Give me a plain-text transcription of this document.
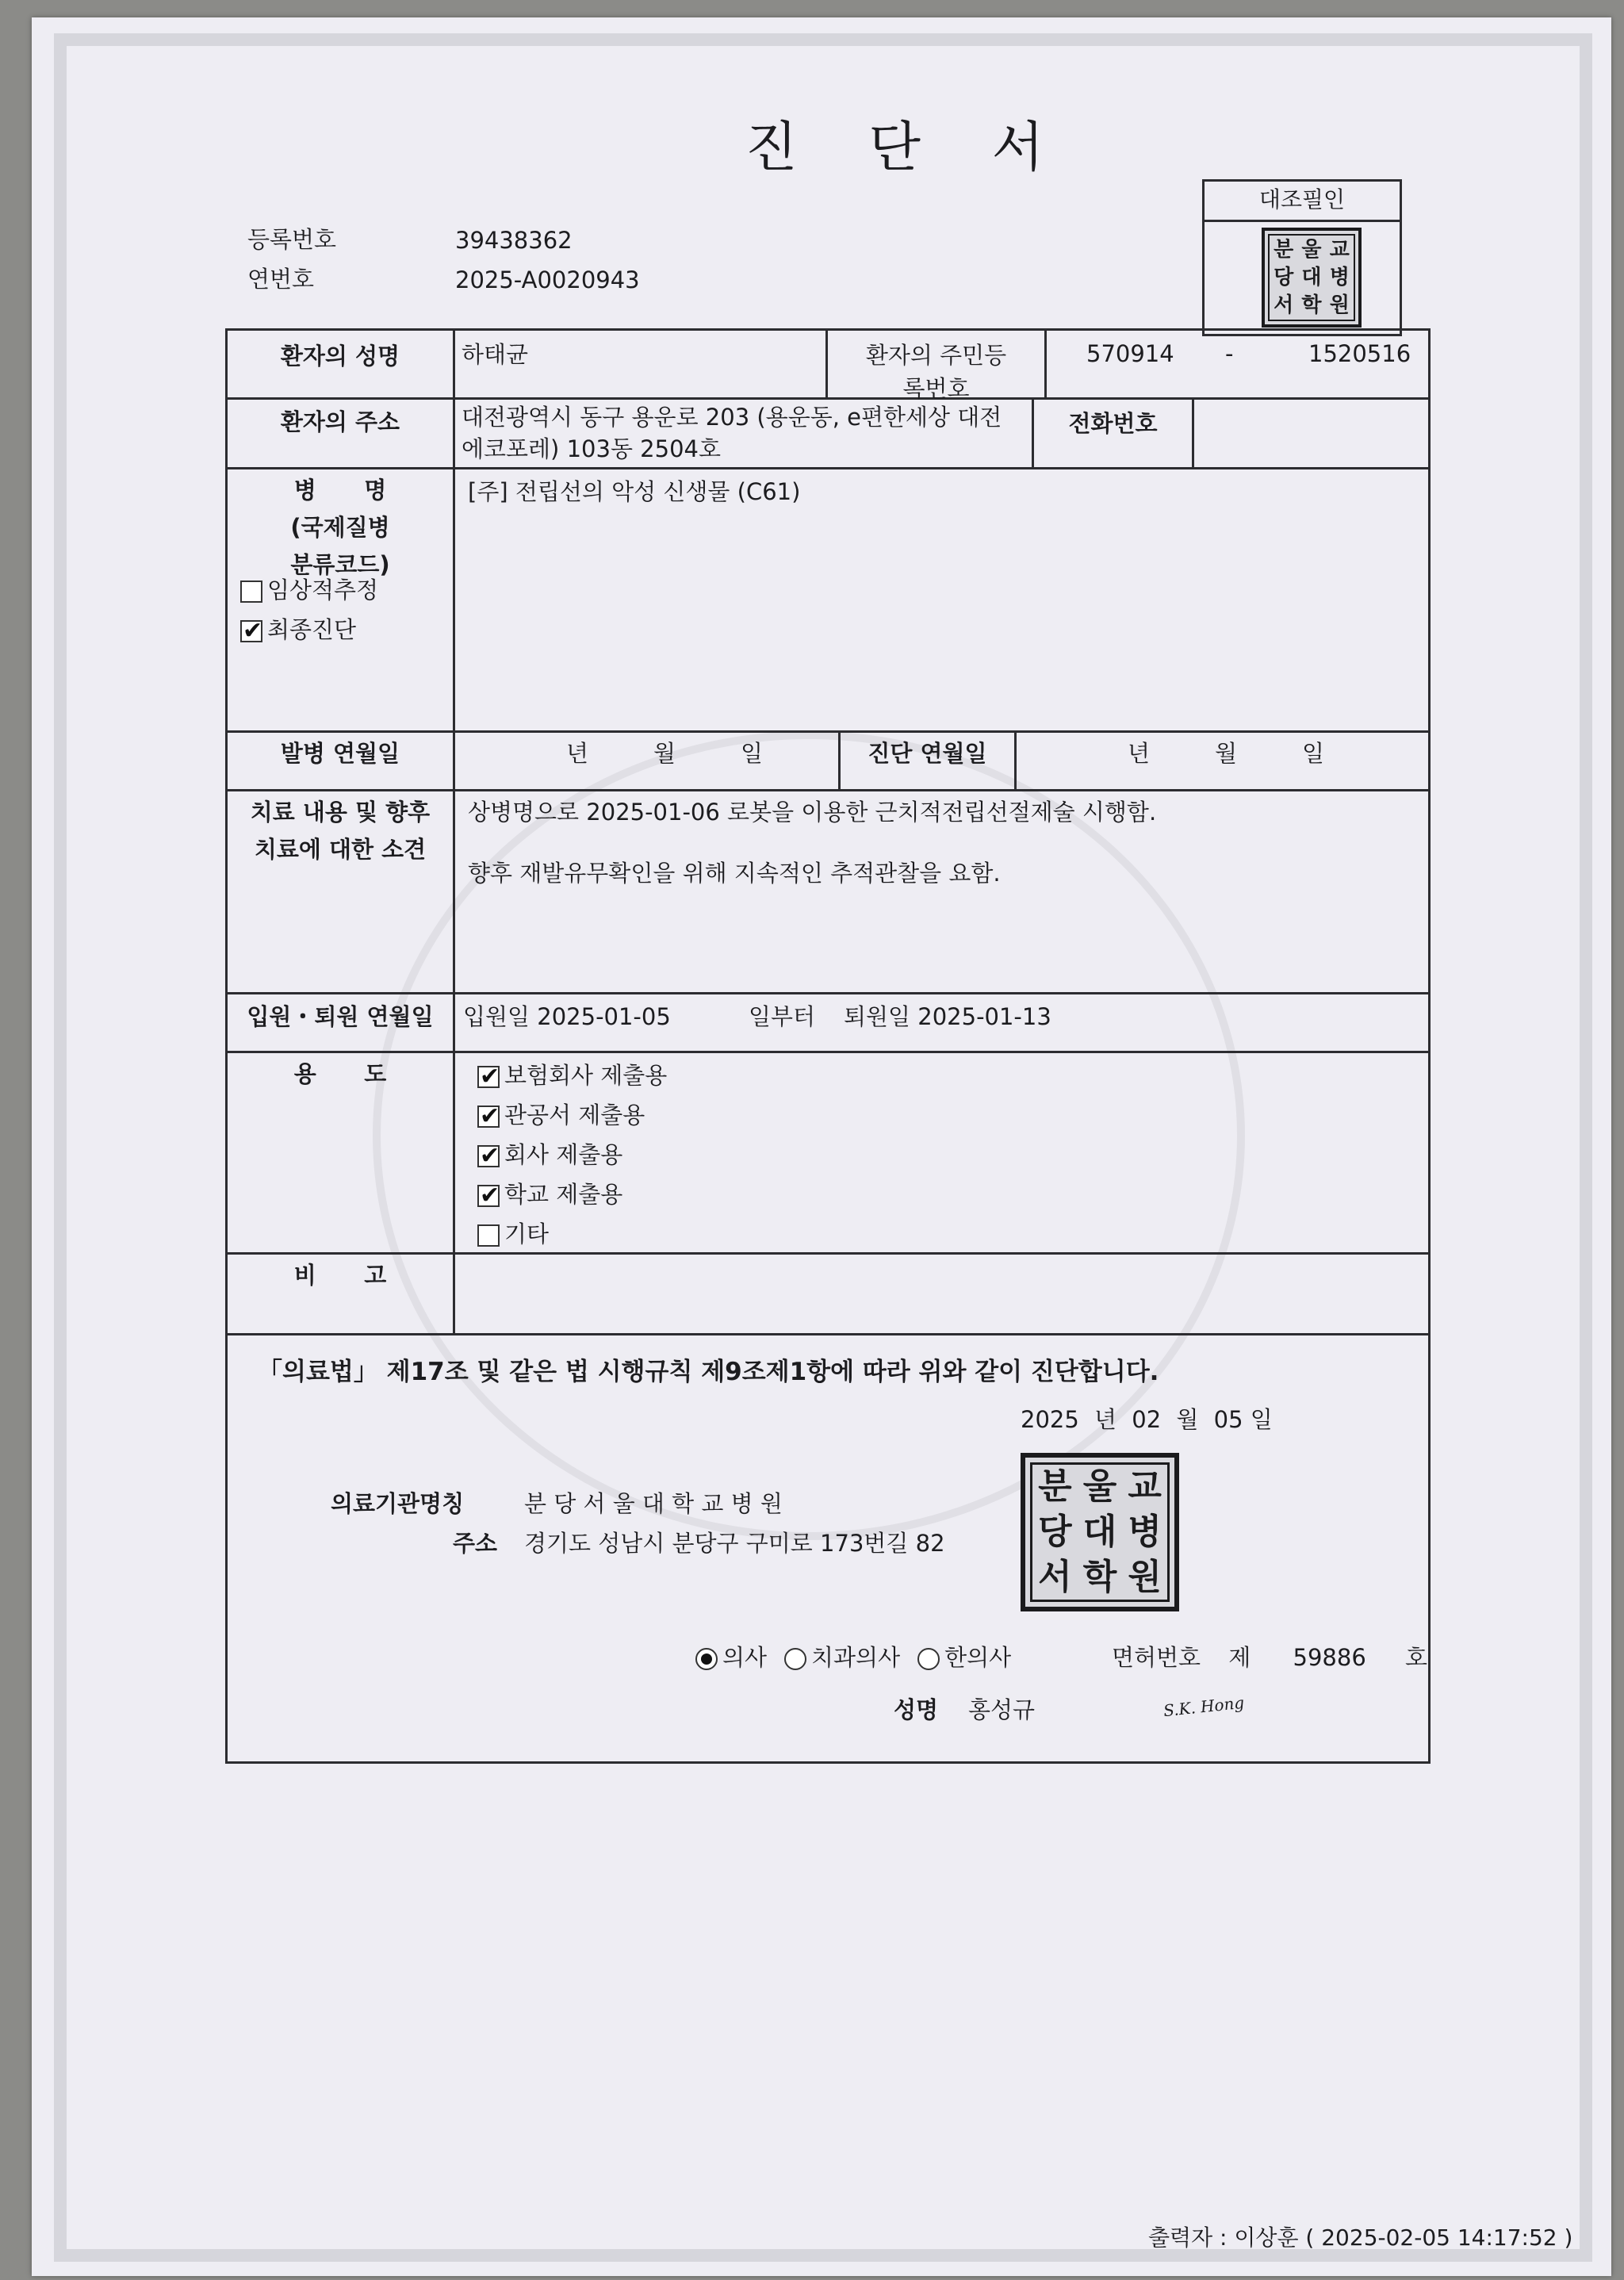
진 단 서
등록번호	39438362
연번호	2025-A0020943
대조필인
분 울 교
당 대 병
서 학 원
환자의 성명	하태균	환자의 주민등록번호
570914 -	1520516
환자의 주소	대전광역시 동구 용운로 203 (용운동, e편한세상 대전
에코포레) 103동 2504호
전화번호
병      명
(국제질병
분류코드)
임상적추정
✔최종진단
[주] 전립선의 악성 신생물 (C61)
발병 연월일	년	월	일	진단 연월일	년	월	일
치료 내용 및 향후
치료에 대한 소견
상병명으로 2025-01-06 로봇을 이용한 근치적전립선절제술 시행함.
향후 재발유무확인을 위해 지속적인 추적관찰을 요함.
입원・퇴원 연월일	입원일 2025-01-05	일부터 퇴원일 2025-01-13
용      도
✔	보험회사 제출용
✔관공서 제출용
✔회사 제출용
✔학교 제출용
기타
비      고
「의료법」 제17조 및 같은 법 시행규칙 제9조제1항에 따라 위와 같이 진단합니다.
2025 년 02 월 05 일
의료기관명칭	분 당 서 울 대 학 교 병 원
주소 경기도 성남시 분당구 구미로 173번길 82
분 울 교
당 대 병
서 학 원
의사 치과의사 한의사	면허번호 제 59886 호
성명 홍성규	S.K. Hong
출력자 : 이상훈 ( 2025-02-05 14:17:52 )
